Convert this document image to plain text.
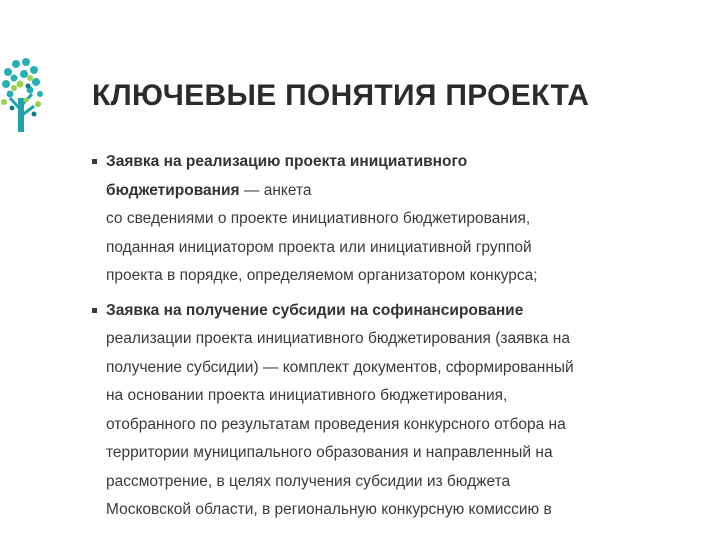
КЛЮЧЕВЫЕ ПОНЯТИЯ ПРОЕКТА
Заявка на реализацию проекта инициативного
бюджетирования — анкета
со сведениями о проекте инициативного бюджетирования,
поданная инициатором проекта или инициативной группой
проекта в порядке, определяемом организатором конкурса;
Заявка на получение субсидии на софинансирование
реализации проекта инициативного бюджетирования (заявка на
получение субсидии) — комплект документов, сформированный
на основании проекта инициативного бюджетирования,
отобранного по результатам проведения конкурсного отбора на
территории муниципального образования и направленный на
рассмотрение, в целях получения субсидии из бюджета
Московской области, в региональную конкурсную комиссию в
